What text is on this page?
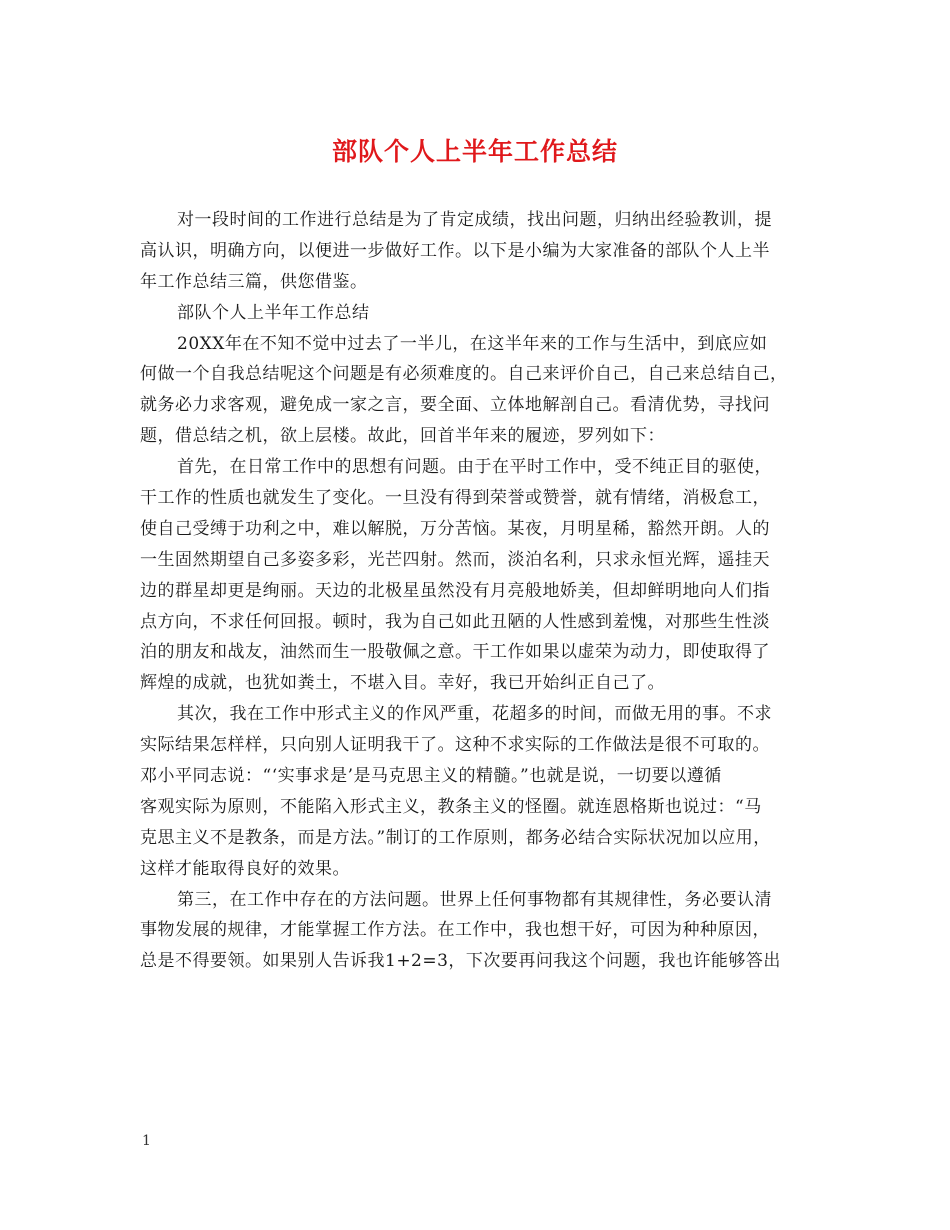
部队个人上半年工作总结
对一段时间的工作进行总结是为了肯定成绩，找出问题，归纳出经验教训，提
高认识，明确方向，以便进一步做好工作。以下是小编为大家准备的部队个人上半
年工作总结三篇，供您借鉴。
部队个人上半年工作总结
20XX年在不知不觉中过去了一半儿，在这半年来的工作与生活中，到底应如
何做一个自我总结呢这个问题是有必须难度的。自己来评价自己，自己来总结自己，
就务必力求客观，避免成一家之言，要全面、立体地解剖自己。看清优势，寻找问
题，借总结之机，欲上层楼。故此，回首半年来的履迹，罗列如下：
首先，在日常工作中的思想有问题。由于在平时工作中，受不纯正目的驱使，
干工作的性质也就发生了变化。一旦没有得到荣誉或赞誉，就有情绪，消极怠工，
使自己受缚于功利之中，难以解脱，万分苦恼。某夜，月明星稀，豁然开朗。人的
一生固然期望自己多姿多彩，光芒四射。然而，淡泊名利，只求永恒光辉，遥挂天
边的群星却更是绚丽。天边的北极星虽然没有月亮般地娇美，但却鲜明地向人们指
点方向，不求任何回报。顿时，我为自己如此丑陋的人性感到羞愧，对那些生性淡
泊的朋友和战友，油然而生一股敬佩之意。干工作如果以虚荣为动力，即使取得了
辉煌的成就，也犹如粪土，不堪入目。幸好，我已开始纠正自己了。
其次，我在工作中形式主义的作风严重，花超多的时间，而做无用的事。不求
实际结果怎样样，只向别人证明我干了。这种不求实际的工作做法是很不可取的。
邓小平同志说：“‘实事求是’是马克思主义的精髓。”也就是说，一切要以遵循
客观实际为原则，不能陷入形式主义，教条主义的怪圈。就连恩格斯也说过：“马
克思主义不是教条，而是方法。”制订的工作原则，都务必结合实际状况加以应用，
这样才能取得良好的效果。
第三，在工作中存在的方法问题。世界上任何事物都有其规律性，务必要认清
事物发展的规律，才能掌握工作方法。在工作中，我也想干好，可因为种种原因，
总是不得要领。如果别人告诉我1+2=3，下次要再问我这个问题，我也许能够答出
1
